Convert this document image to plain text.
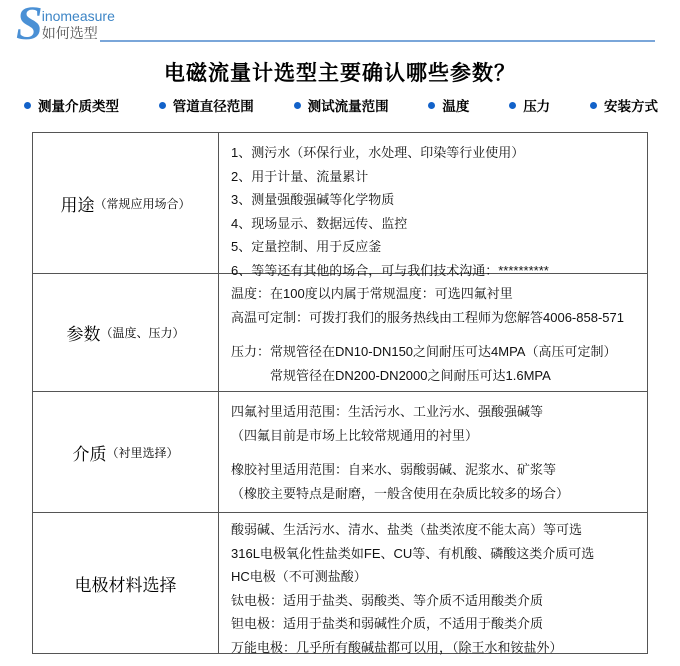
S inomeasure
如何选型
电磁流量计选型主要确认哪些参数？
测量介质类型	管道直径范围	测试流量范围	温度	压力	安装方式
用途 （常规应用场合）
1、测污水（环保行业，水处理、印染等行业使用）
2、用于计量、流量累计
3、测量强酸强碱等化学物质
4、现场显示、数据远传、监控
5、定量控制、用于反应釜
6、等等还有其他的场合，可与我们技术沟通：**********
参数 （温度、压力）
温度：在100度以内属于常规温度：可选四氟衬里
高温可定制：可拨打我们的服务热线由工程师为您解答4006-858-571
压力：常规管径在DN10-DN150之间耐压可达4MPA（高压可定制）
常规管径在DN200-DN2000之间耐压可达1.6MPA
介质 （衬里选择）
四氟衬里适用范围：生活污水、工业污水、强酸强碱等
（四氟目前是市场上比较常规通用的衬里）
橡胶衬里适用范围：自来水、弱酸弱碱、泥浆水、矿浆等
（橡胶主要特点是耐磨，一般含使用在杂质比较多的场合）
电极材料选择
酸弱碱、生活污水、清水、盐类（盐类浓度不能太高）等可选
316L电极氧化性盐类如FE、CU等、有机酸、磷酸这类介质可选
HC电极（不可测盐酸）
钛电极：适用于盐类、弱酸类、等介质不适用酸类介质
钽电极：适用于盐类和弱碱性介质，不适用于酸类介质
万能电极：几乎所有酸碱盐都可以用，（除王水和铵盐外）
